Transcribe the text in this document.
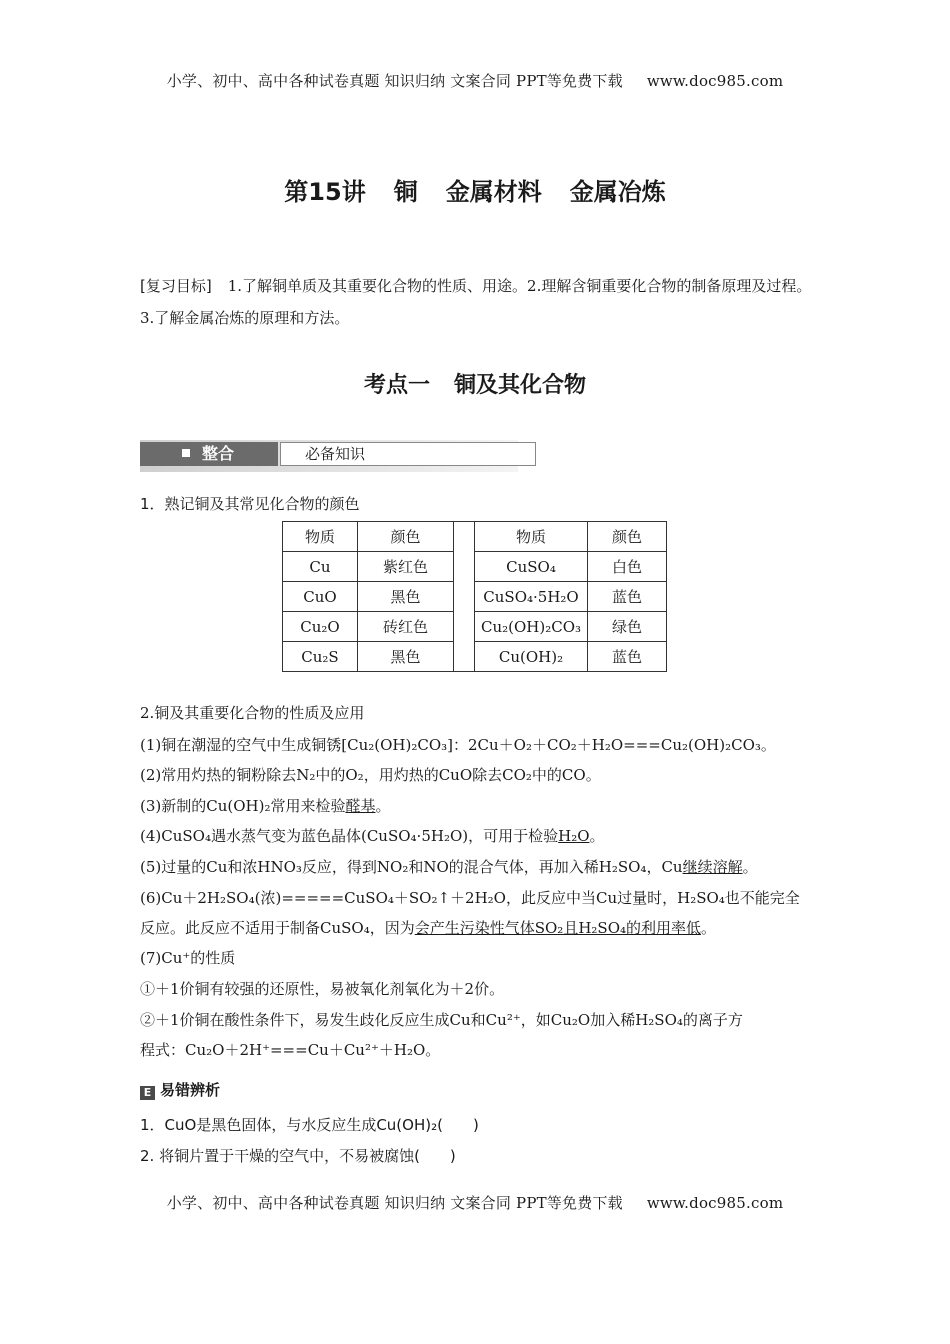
小学、初中、高中各种试卷真题 知识归纳 文案合同 PPT等免费下载 www.doc985.com
第15讲 铜 金属材料 金属冶炼
[复习目标] 1.了解铜单质及其重要化合物的性质、用途。2.理解含铜重要化合物的制备原理及过程。3.了解金属冶炼的原理和方法。
考点一 铜及其化合物
整合	必备知识
1．熟记铜及其常见化合物的颜色
物质	颜色		物质	颜色
Cu	紫红色		CuSO₄	白色
CuO	黑色		CuSO₄·5H₂O	蓝色
Cu₂O	砖红色		Cu₂(OH)₂CO₃	绿色
Cu₂S	黑色		Cu(OH)₂	蓝色
2.铜及其重要化合物的性质及应用
(1)铜在潮湿的空气中生成铜锈[Cu₂(OH)₂CO₃]：2Cu＋O₂＋CO₂＋H₂O===Cu₂(OH)₂CO₃。
(2)常用灼热的铜粉除去N₂中的O₂，用灼热的CuO除去CO₂中的CO。
(3)新制的Cu(OH)₂常用来检验醛基。
(4)CuSO₄遇水蒸气变为蓝色晶体(CuSO₄·5H₂O)，可用于检验H₂O。
(5)过量的Cu和浓HNO₃反应，得到NO₂和NO的混合气体，再加入稀H₂SO₄，Cu继续溶解。
(6)Cu＋2H₂SO₄(浓)=====CuSO₄＋SO₂↑＋2H₂O，此反应中当Cu过量时，H₂SO₄也不能完全
反应。此反应不适用于制备CuSO₄，因为会产生污染性气体SO₂且H₂SO₄的利用率低。
(7)Cu⁺的性质
①＋1价铜有较强的还原性，易被氧化剂氧化为＋2价。
②＋1价铜在酸性条件下，易发生歧化反应生成Cu和Cu²⁺，如Cu₂O加入稀H₂SO₄的离子方
程式：Cu₂O＋2H⁺===Cu＋Cu²⁺＋H₂O。
E 易错辨析
1．CuO是黑色固体，与水反应生成Cu(OH)₂(　　)
2. 将铜片置于干燥的空气中，不易被腐蚀(　　)
小学、初中、高中各种试卷真题 知识归纳 文案合同 PPT等免费下载 www.doc985.com
